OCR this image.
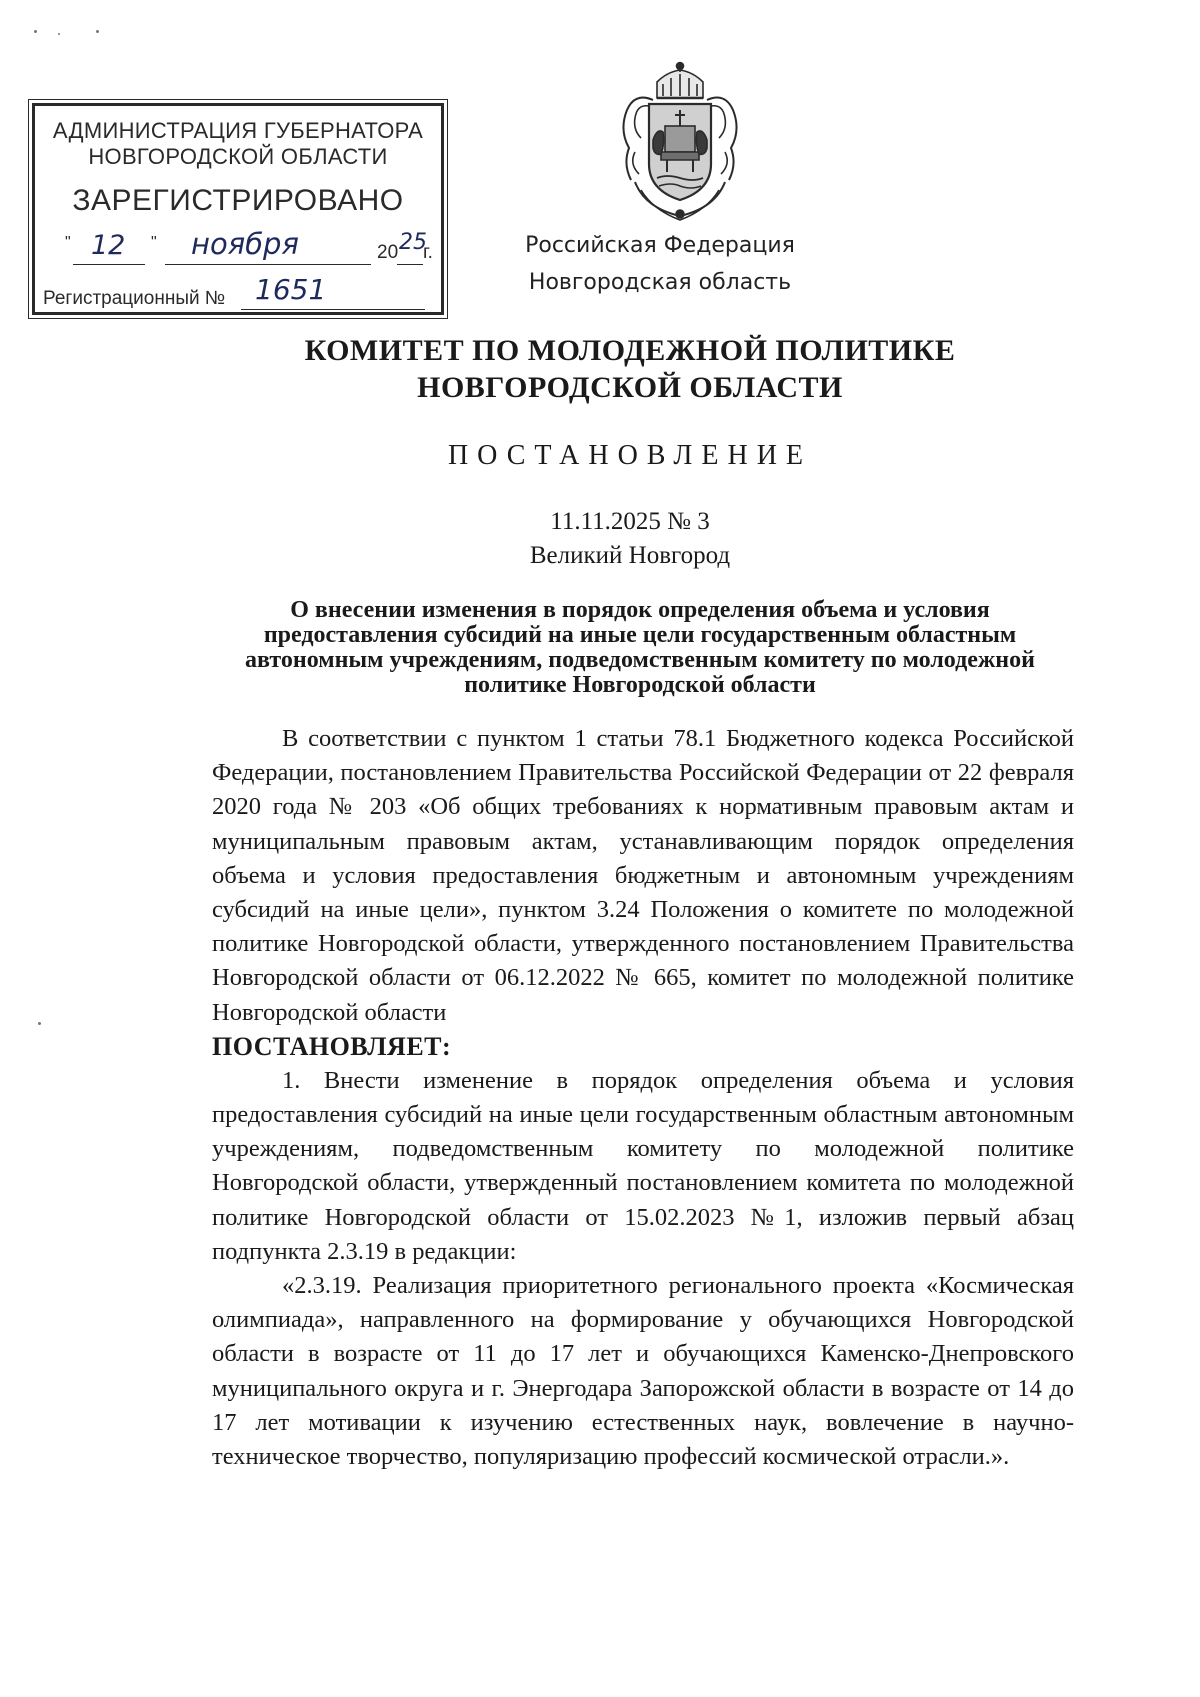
АДМИНИСТРАЦИЯ ГУБЕРНАТОРА
НОВГОРОДСКОЙ ОБЛАСТИ
ЗАРЕГИСТРИРОВАНО
" 12 " ноября	20 25
г.
Регистрационный № 1651
Российская Федерация
Новгородская область
КОМИТЕТ ПО МОЛОДЕЖНОЙ ПОЛИТИКЕ
НОВГОРОДСКОЙ ОБЛАСТИ
ПОСТАНОВЛЕНИЕ
11.11.2025 № 3
Великий Новгород
О внесении изменения в порядок определения объема и условия предоставления субсидий на иные цели государственным областным автономным учреждениям, подведомственным комитету по молодежной политике Новгородской области

В соответствии с пунктом 1 статьи 78.1 Бюджетного кодекса Российской Федерации, постановлением Правительства Российской Федерации от 22 февраля 2020 года № 203 «Об общих требованиях к нормативным правовым актам и муниципальным правовым актам, устанавливающим порядок определения объема и условия предоставления бюджетным и автономным учреждениям субсидий на иные цели», пунктом 3.24 Положения о комитете по молодежной политике Новгородской области, утвержденного постановлением Правительства Новгородской области от 06.12.2022 № 665, комитет по молодежной политике Новгородской области

ПОСТАНОВЛЯЕТ:

1. Внести изменение в порядок определения объема и условия предоставления субсидий на иные цели государственным областным автономным учреждениям, подведомственным комитету по молодежной политике Новгородской области, утвержденный постановлением комитета по молодежной политике Новгородской области от 15.02.2023 №1, изложив первый абзац подпункта 2.3.19 в редакции:

«2.3.19. Реализация приоритетного регионального проекта «Космическая олимпиада», направленного на формирование у обучающихся Новгородской области в возрасте от 11 до 17 лет и обучающихся Каменско-Днепровского муниципального округа и г. Энергодара Запорожской области в возрасте от 14 до 17 лет мотивации к изучению естественных наук, вовлечение в научно-техническое творчество, популяризацию профессий космической отрасли.».
